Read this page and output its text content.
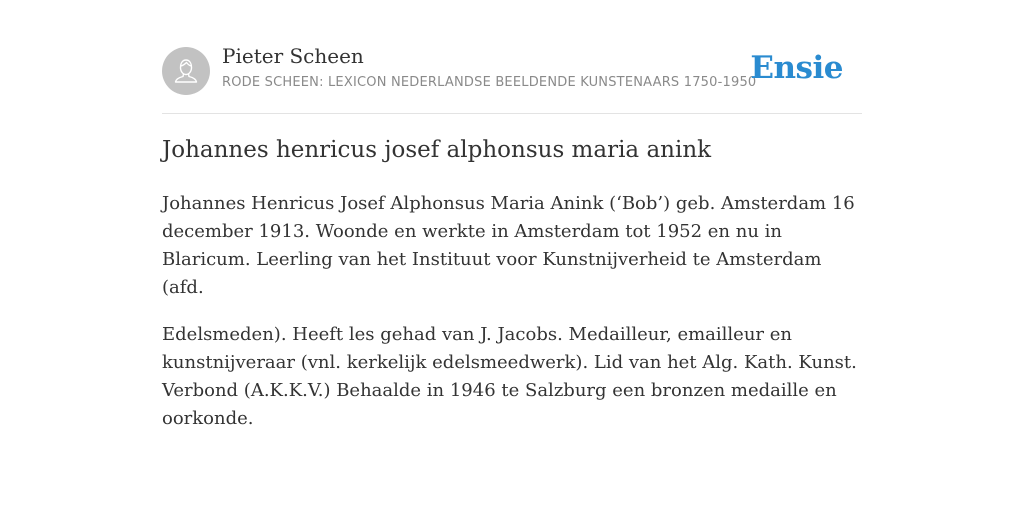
Pieter Scheen
RODE SCHEEN: LEXICON NEDERLANDSE BEELDENDE KUNSTENAARS 1750-1950
Ensie
Johannes henricus josef alphonsus maria anink

Johannes Henricus Josef Alphonsus Maria Anink (‘Bob’) geb. Amsterdam 16 december 1913. Woonde en werkte in Amsterdam tot 1952 en nu in Blaricum. Leerling van het Instituut voor Kunstnijverheid te Amsterdam (afd.

Edelsmeden). Heeft les gehad van J. Jacobs. Medailleur, emailleur en kunstnijveraar (vnl. kerkelijk edelsmeedwerk). Lid van het Alg. Kath. Kunst. Verbond (A.K.K.V.) Behaalde in 1946 te Salzburg een bronzen medaille en oorkonde.
